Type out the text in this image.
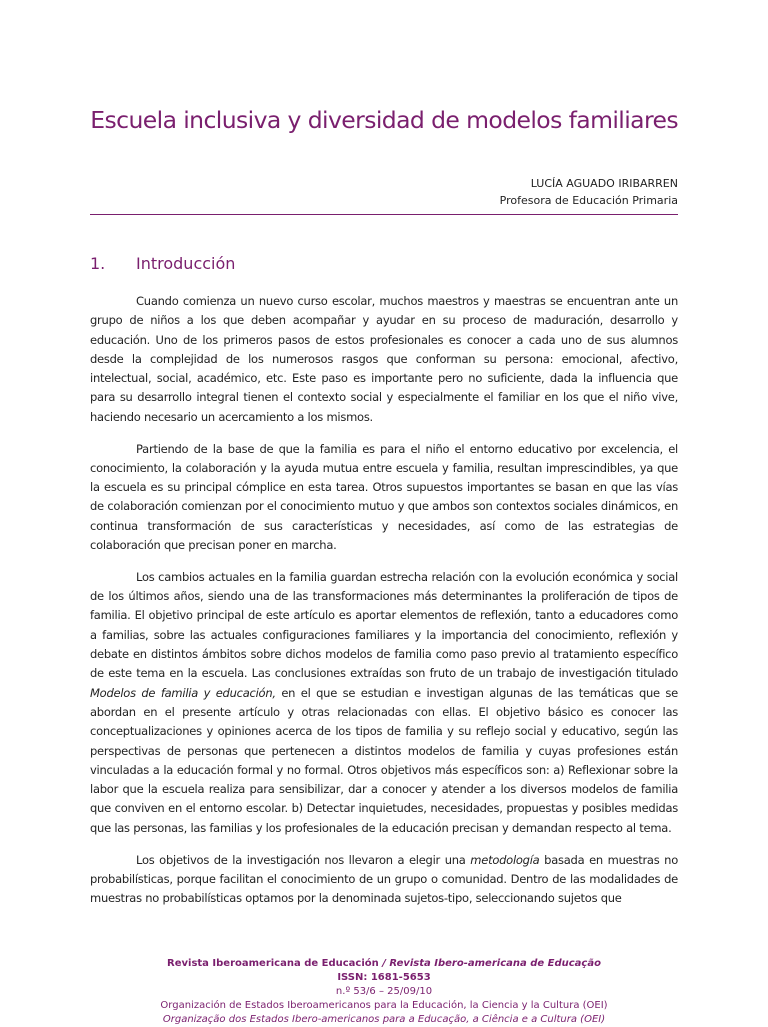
Escuela inclusiva y diversidad de modelos familiares
LUCÍA AGUADO IRIBARREN
Profesora de Educación Primaria
1. Introducción

Cuando comienza un nuevo curso escolar, muchos maestros y maestras se encuentran ante un grupo de niños a los que deben acompañar y ayudar en su proceso de maduración, desarrollo y educación. Uno de los primeros pasos de estos profesionales es conocer a cada uno de sus alumnos desde la complejidad de los numerosos rasgos que conforman su persona: emocional, afectivo, intelectual, social, académico, etc. Este paso es importante pero no suficiente, dada la influencia que para su desarrollo integral tienen el contexto social y especialmente el familiar en los que el niño vive, haciendo necesario un acercamiento a los mismos.

Partiendo de la base de que la familia es para el niño el entorno educativo por excelencia, el conocimiento, la colaboración y la ayuda mutua entre escuela y familia, resultan imprescindibles, ya que la escuela es su principal cómplice en esta tarea. Otros supuestos importantes se basan en que las vías de colaboración comienzan por el conocimiento mutuo y que ambos son contextos sociales dinámicos, en continua transformación de sus características y necesidades, así como de las estrategias de colaboración que precisan poner en marcha.

Los cambios actuales en la familia guardan estrecha relación con la evolución económica y social de los últimos años, siendo una de las transformaciones más determinantes la proliferación de tipos de familia. El objetivo principal de este artículo es aportar elementos de reflexión, tanto a educadores como a familias, sobre las actuales configuraciones familiares y la importancia del conocimiento, reflexión y debate en distintos ámbitos sobre dichos modelos de familia como paso previo al tratamiento específico de este tema en la escuela. Las conclusiones extraídas son fruto de un trabajo de investigación titulado Modelos de familia y educación, en el que se estudian e investigan algunas de las temáticas que se abordan en el presente artículo y otras relacionadas con ellas. El objetivo básico es conocer las conceptualizaciones y opiniones acerca de los tipos de familia y su reflejo social y educativo, según las perspectivas de personas que pertenecen a distintos modelos de familia y cuyas profesiones están vinculadas a la educación formal y no formal. Otros objetivos más específicos son: a) Reflexionar sobre la labor que la escuela realiza para sensibilizar, dar a conocer y atender a los diversos modelos de familia que conviven en el entorno escolar. b) Detectar inquietudes, necesidades, propuestas y posibles medidas que las personas, las familias y los profesionales de la educación precisan y demandan respecto al tema.

Los objetivos de la investigación nos llevaron a elegir una metodología basada en muestras no probabilísticas, porque facilitan el conocimiento de un grupo o comunidad. Dentro de las modalidades de muestras no probabilísticas optamos por la denominada sujetos-tipo, seleccionando sujetos que

Revista Iberoamericana de Educación / Revista Ibero-americana de Educação
ISSN: 1681-5653
n.º 53/6 – 25/09/10
Organización de Estados Iberoamericanos para la Educación, la Ciencia y la Cultura (OEI)
Organização dos Estados Ibero-americanos para a Educação, a Ciência e a Cultura (OEI)
